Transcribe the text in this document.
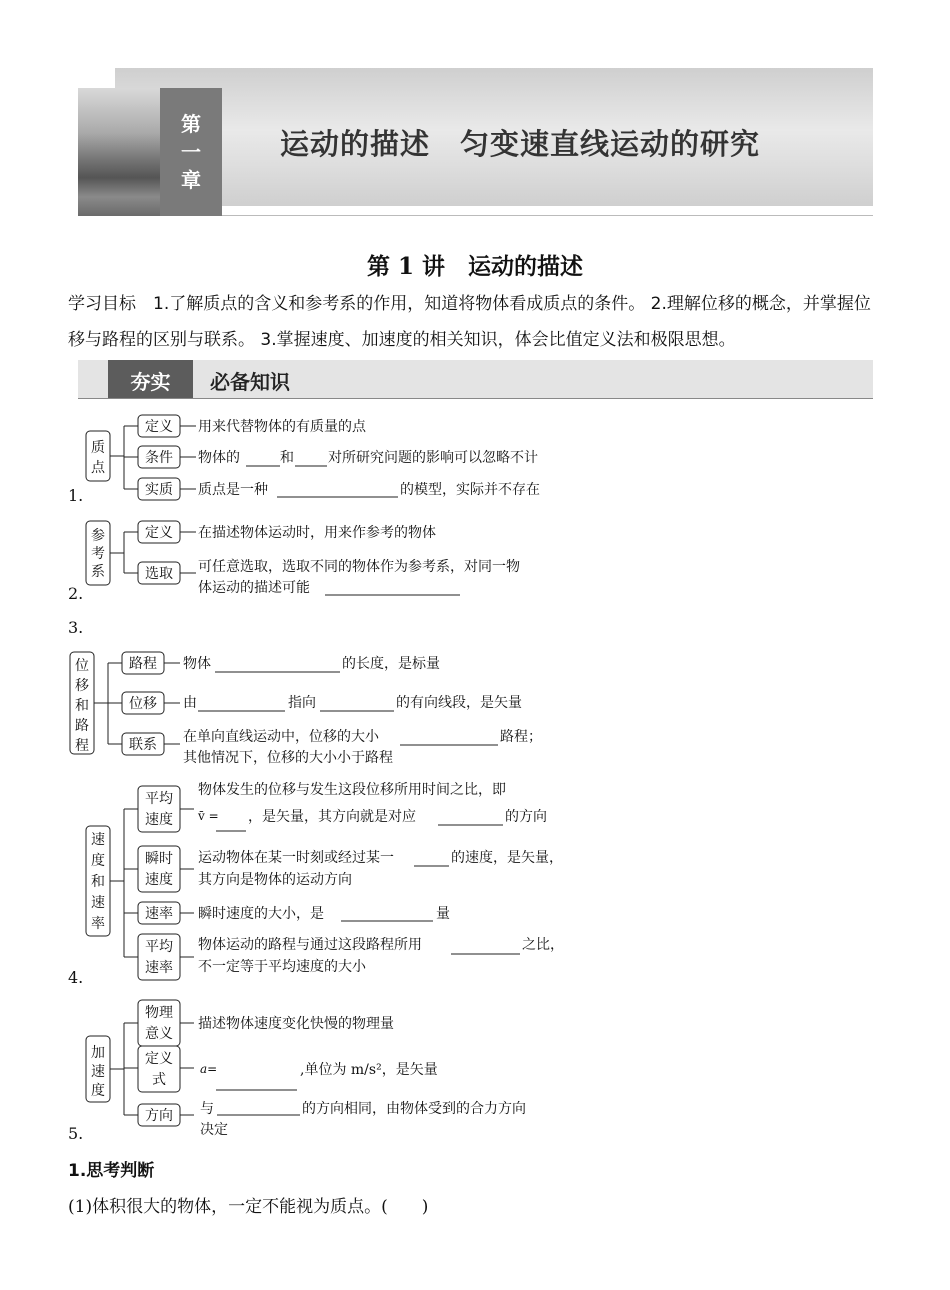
第
一
章
运动的描述　匀变速直线运动的研究
第 1 讲　运动的描述
学习目标　 1.了解质点的含义和参考系的作用，知道将物体看成质点的条件。 2.理解位移的概念，并掌握位移与路程的区别与联系。 3.掌握速度、加速度的相关知识，体会比值定义法和极限思想。
夯实	必备知识
1.
2.
3.
4.
5.
质
点
定义
条件
实质
用来代替物体的有质量的点
物体的	和 对所研究问题的影响可以忽略不计
质点是一种	的模型，实际并不存在
参
考
系
定义
选取
在描述物体运动时，用来作参考的物体
可任意选取，选取不同的物体作为参考系，对同一物
体运动的描述可能
位
移
和
路
程
路程
位移
联系
物体	的长度，是标量
由	指向	的有向线段，是矢量
在单向直线运动中，位移的大小	路程；
其他情况下，位移的大小小于路程
速
度
和
速
率
平均
速度
瞬时
速度
速率
平均
速率
物体发生的位移与发生这段位移所用时间之比，即
v̄ = ，是矢量，其方向就是对应	的方向
运动物体在某一时刻或经过某一	的速度，是矢量，
其方向是物体的运动方向
瞬时速度的大小，是	量
物体运动的路程与通过这段路程所用	之比，
不一定等于平均速度的大小
加
速
度
物理
意义
定义
式
方向
描述物体速度变化快慢的物理量
a=	,单位为 m/s²，是矢量
与	的方向相同，由物体受到的合力方向
决定
1.思考判断
(1)体积很大的物体，一定不能视为质点。(　　)
